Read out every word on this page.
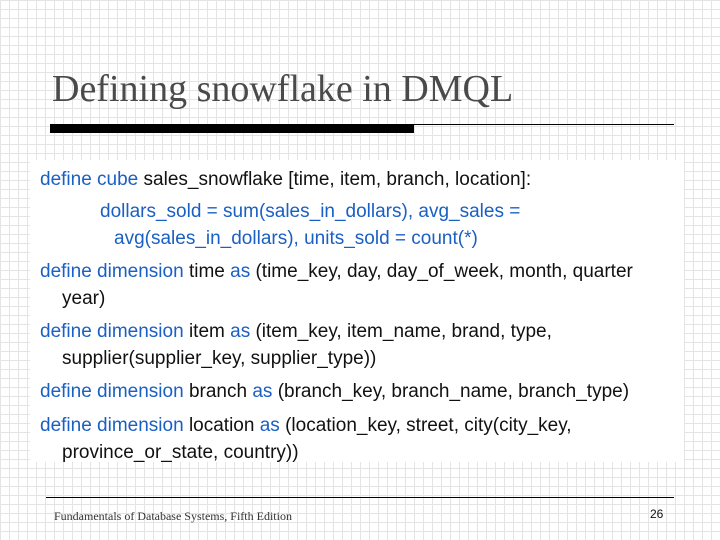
Defining snowflake in DMQL
define cube sales_snowflake [time, item, branch, location]:
dollars_sold = sum(sales_in_dollars), avg_sales =
avg(sales_in_dollars), units_sold = count(*)
define dimension time as (time_key, day, day_of_week, month, quarter
year)
define dimension item as (item_key, item_name, brand, type,
supplier(supplier_key, supplier_type))
define dimension branch as (branch_key, branch_name, branch_type)
define dimension location as (location_key, street, city(city_key,
province_or_state, country))
Fundamentals of Database Systems, Fifth Edition	26
